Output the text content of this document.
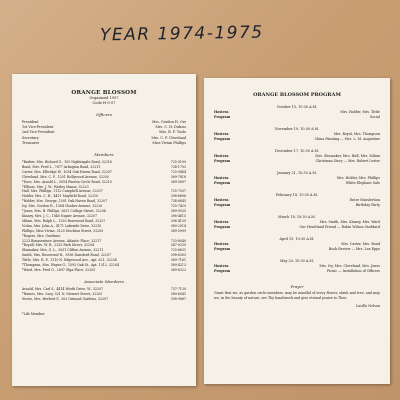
YEAR 1974-1975
ORANGE BLOSSOM
Organized 1957
Code H-5-57
Officers
President	Mrs. Gordon H. Orr
1st Vice-President	Mrs. C. H. Dubois
2nd Vice-President	Mrs. R. F. Toole
Secretary	Mrs. C. F. Cleveland
Treasurer	Miss Vivian Phillips
Members
*Barber, Mrs. Richard G., 105 Nightingale Road, 32216	725-0199
Bond, Mrs. Fred L., 7677 Arlington Road, 32211	724-1703
Carter, Mrs. Elbridge W., 1034 Oak Haven Road, 32207	725-9484
Cleveland, Mrs. C. F., 1201 Hollywood Avenue, 32205	389-7818
*Dore, Mrs. Arnold L., 5054 Pinetta Circle Road, 32210	389-5897
*Ellison, Mrs. J. W., Wesley Manor, 32223
Hall, Mrs. Phillips, 1112 Campbell Avenue, 32207	725-7037
Holder, Mrs. C. H., 4411 Mayfield Road, 32210	398-6696
*Holder, Mrs. George, 1501 Oak Haven Road, 32207	734-6845
Ivy, Mrs. Gordon H., 1384 Clusker Avenue, 32226	725-7429
*Jones, Mrs. B. Phillips, 2631 College Street, 32204	389-0535
Kinney, Mrs. J. C., 1840 Napier Avenue, 32207	396-4615
Milam, Mrs. Ralph L., 1250 Rosewood Road, 32207	396-4135
Nolan, Mrs. John A., 4171 Lakeside Drive, 32210	389-2014
Phillips, Miss Vivian, 3120 Stockton Street, 32205	389-5099
*Rogers, Mrs. Gardiner,
2223 Bonaventure Avenue, Atlantic Place, 32217	733-8040
*Royall, Mrs. W. R., 2325 Park Street, 32204	387-0259
Shumaker, Mrs. G. L., 3631 Clifton Avenue, 32211	725-6631
Smith, Mrs. Rosewood H., 3936 Dunsford Road, 32207	398-6303
Tittle, Mrs. R. F., 1110 N. Edgewood Ave., Apt. 621, 32254	389-7161
*Thompson, Mrs. Wayne G., 1593 Oak St., Apt. 1312, 32204	389-4213
*Ward, Mrs. Fred G., 2897 Olga Place, 32205	389-6322
Associate Members
Arnold, Mrs. Carl S., 4414 Worth Drive, W., 32207	737-7130
*Haines, Mrs. Lucy, 521 N. Stewart Street, 32205	389-6041
Stowe, Mrs. Herbert F., 303 Ormond Gardens, 32207	398-9887
*Life Member
ORANGE BLOSSOM PROGRAM
October 15, 10:30 A.M.
Hostess	Mrs. Holder, Mrs. Tittle
Program	Social
November 19, 10:30 A.M.
Hostess	Mrs. Royal, Mrs. Thompson
Program	China Painting — Mrs. L. M. Augustine
December 17, 10:30 A.M.
Hostess	Mrs. Shumaker, Mrs. Hall, Mrs. Milam
Program	Christmas Story — Mrs. Robert Lester
January 21, 10:30 A.M.
Hostess	Mrs. Holder, Mrs. Phillips
Program	White Elephant Sale
February 18, 10:30 A.M.
Hostess	Entre Masslertion
Program	Birthday Party
March 18, 10:30 A.M.
Hostess	Mrs. Smith, Mrs. Kinney, Mrs. Ward
Program	Our Heartland Friend — Robin Wilson Stoddard
April 15, 10:30 A.M.
Hostess	Mrs. Carter, Mrs. Bond
Program	Book Review — Mrs. Lea Epps
May 20, 10:30 A.M.
Hostess	Mrs. Ivy, Mrs. Cleveland, Mrs. Jones
Program	Picnic — Installation of Officers
Prayer
Grant that we, as garden circle members, may be mindful of every flower, shrub and tree, and may we, in the beauty of nature, see Thy handiwork and give eternal praise to Thee.
Lucille Nelson
